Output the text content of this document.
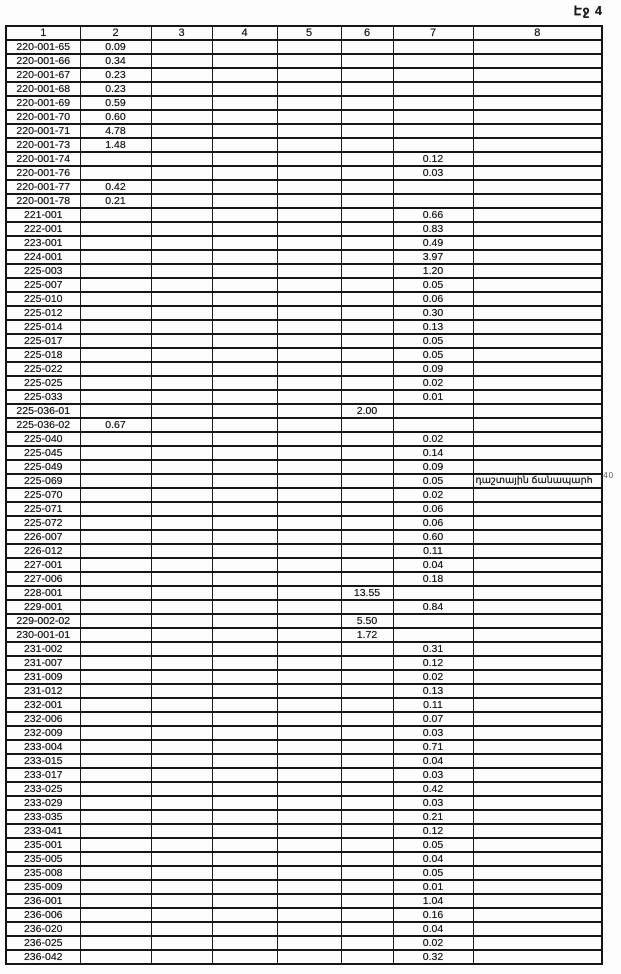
Էջ 4
1	2	3	4	5	6	7	8
220-001-65	0.09						
220-001-66	0.34						
220-001-67	0.23						
220-001-68	0.23						
220-001-69	0.59						
220-001-70	0.60						
220-001-71	4.78						
220-001-73	1.48						
220-001-74						0.12	
220-001-76						0.03	
220-001-77	0.42						
220-001-78	0.21						
221-001						0.66	
222-001						0.83	
223-001						0.49	
224-001						3.97	
225-003						1.20	
225-007						0.05	
225-010						0.06	
225-012						0.30	
225-014						0.13	
225-017						0.05	
225-018						0.05	
225-022						0.09	
225-025						0.02	
225-033						0.01	
225-036-01					2.00		
225-036-02	0.67						
225-040						0.02	
225-045						0.14	
225-049						0.09	
225-069						0.05	դաշտային ճանապարհ
225-070						0.02	
225-071						0.06	
225-072						0.06	
226-007						0.60	
226-012						0.11	
227-001						0.04	
227-006						0.18	
228-001					13.55		
229-001						0.84	
229-002-02					5.50		
230-001-01					1.72		
231-002						0.31	
231-007						0.12	
231-009						0.02	
231-012						0.13	
232-001						0.11	
232-006						0.07	
232-009						0.03	
233-004						0.71	
233-015						0.04	
233-017						0.03	
233-025						0.42	
233-029						0.03	
233-035						0.21	
233-041						0.12	
235-001						0.05	
235-005						0.04	
235-008						0.05	
235-009						0.01	
236-001						1.04	
236-006						0.16	
236-020						0.04	
236-025						0.02	
236-042						0.32	
.40
